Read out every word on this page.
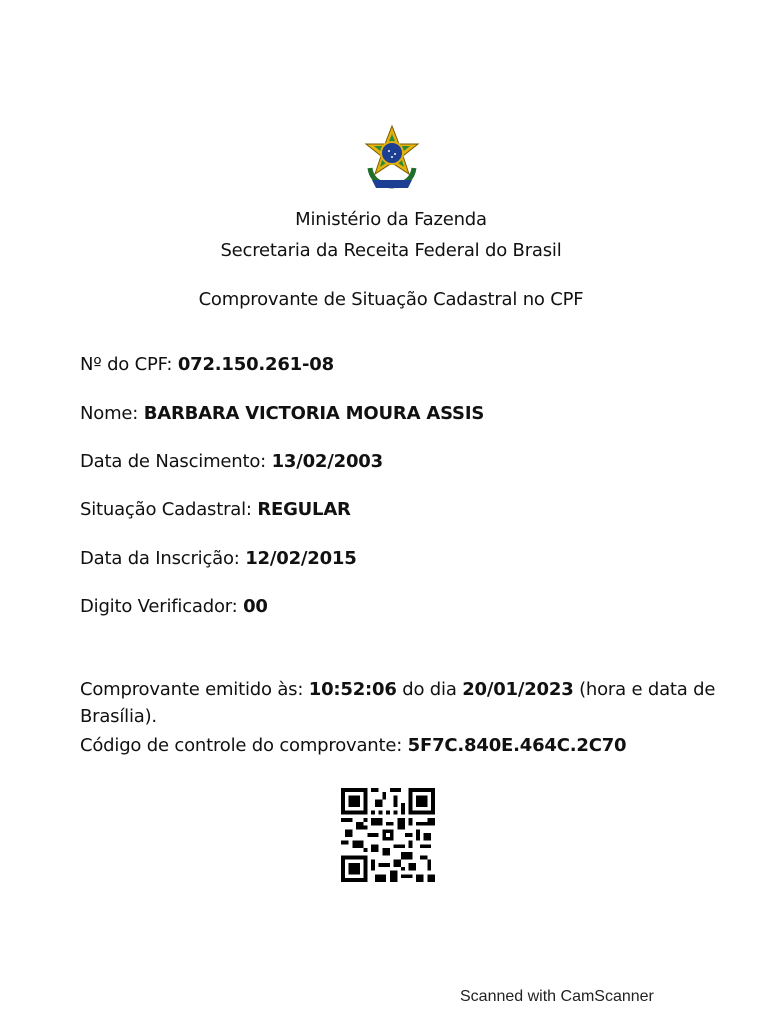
Ministério da Fazenda
Secretaria da Receita Federal do Brasil
Comprovante de Situação Cadastral no CPF
Nº do CPF: 072.150.261-08
Nome: BARBARA VICTORIA MOURA ASSIS
Data de Nascimento: 13/02/2003
Situação Cadastral: REGULAR
Data da Inscrição: 12/02/2015
Digito Verificador: 00
Comprovante emitido às: 10:52:06 do dia 20/01/2023 (hora e data de Brasília).
Código de controle do comprovante: 5F7C.840E.464C.2C70
Scanned with CamScanner
